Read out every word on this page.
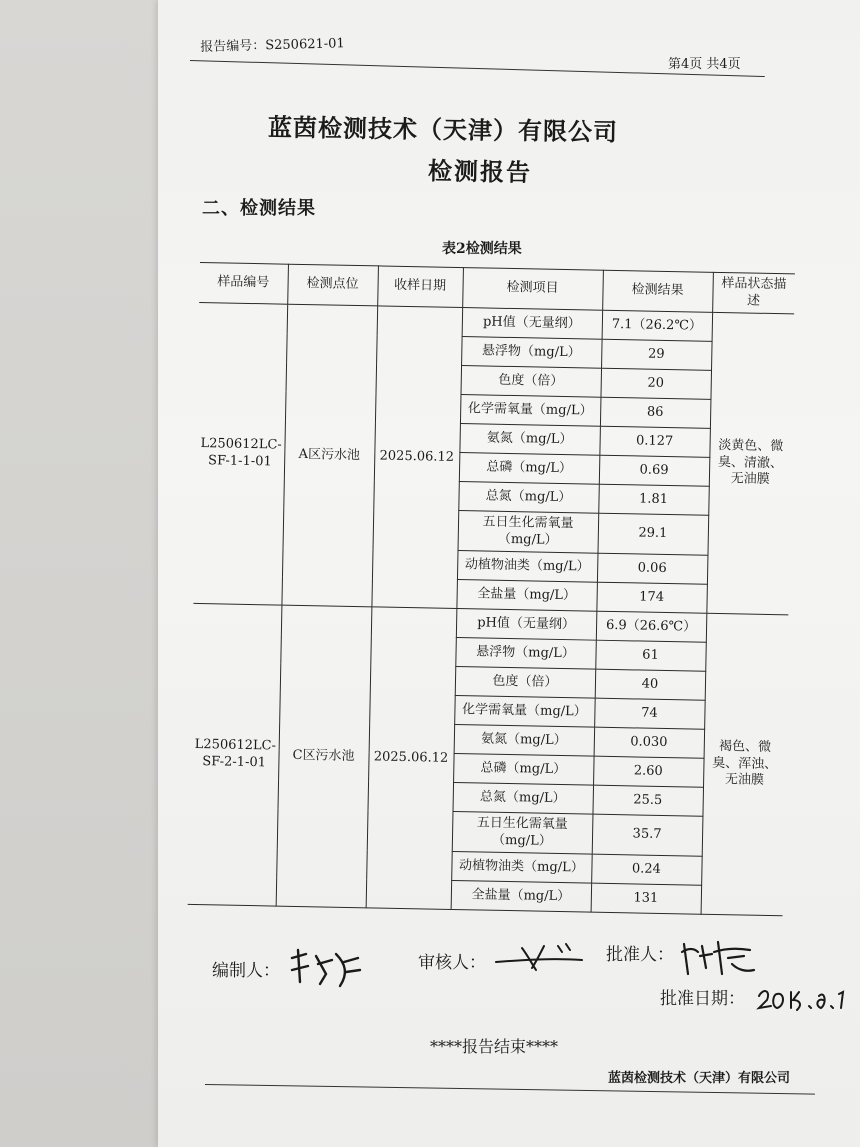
报告编号：S250621-01
第4页 共4页
蓝茵检测技术（天津）有限公司
检测报告
二、检测结果
表2检测结果
样品编号	检测点位	收样日期	检测项目	检测结果	样品状态描述
L250612LC-SF-1-1-01	A区污水池	2025.06.12	pH值（无量纲）	7.1（26.2℃）	淡黄色、微臭、清澈、无油膜
			悬浮物（mg/L）	29	
			色度（倍）	20	
			化学需氧量（mg/L）	86	
			氨氮（mg/L）	0.127	
			总磷（mg/L）	0.69	
			总氮（mg/L）	1.81	
			五日生化需氧量（mg/L）	29.1	
			动植物油类（mg/L）	0.06	
			全盐量（mg/L）	174	
L250612LC-SF-2-1-01	C区污水池	2025.06.12	pH值（无量纲）	6.9（26.6℃）	褐色、微臭、浑浊、无油膜
			悬浮物（mg/L）	61	
			色度（倍）	40	
			化学需氧量（mg/L）	74	
			氨氮（mg/L）	0.030	
			总磷（mg/L）	2.60	
			总氮（mg/L）	25.5	
			五日生化需氧量（mg/L）	35.7	
			动植物油类（mg/L）	0.24	
			全盐量（mg/L）	131	
编制人：	审核人：	批准人：
批准日期：
****报告结束****
蓝茵检测技术（天津）有限公司
